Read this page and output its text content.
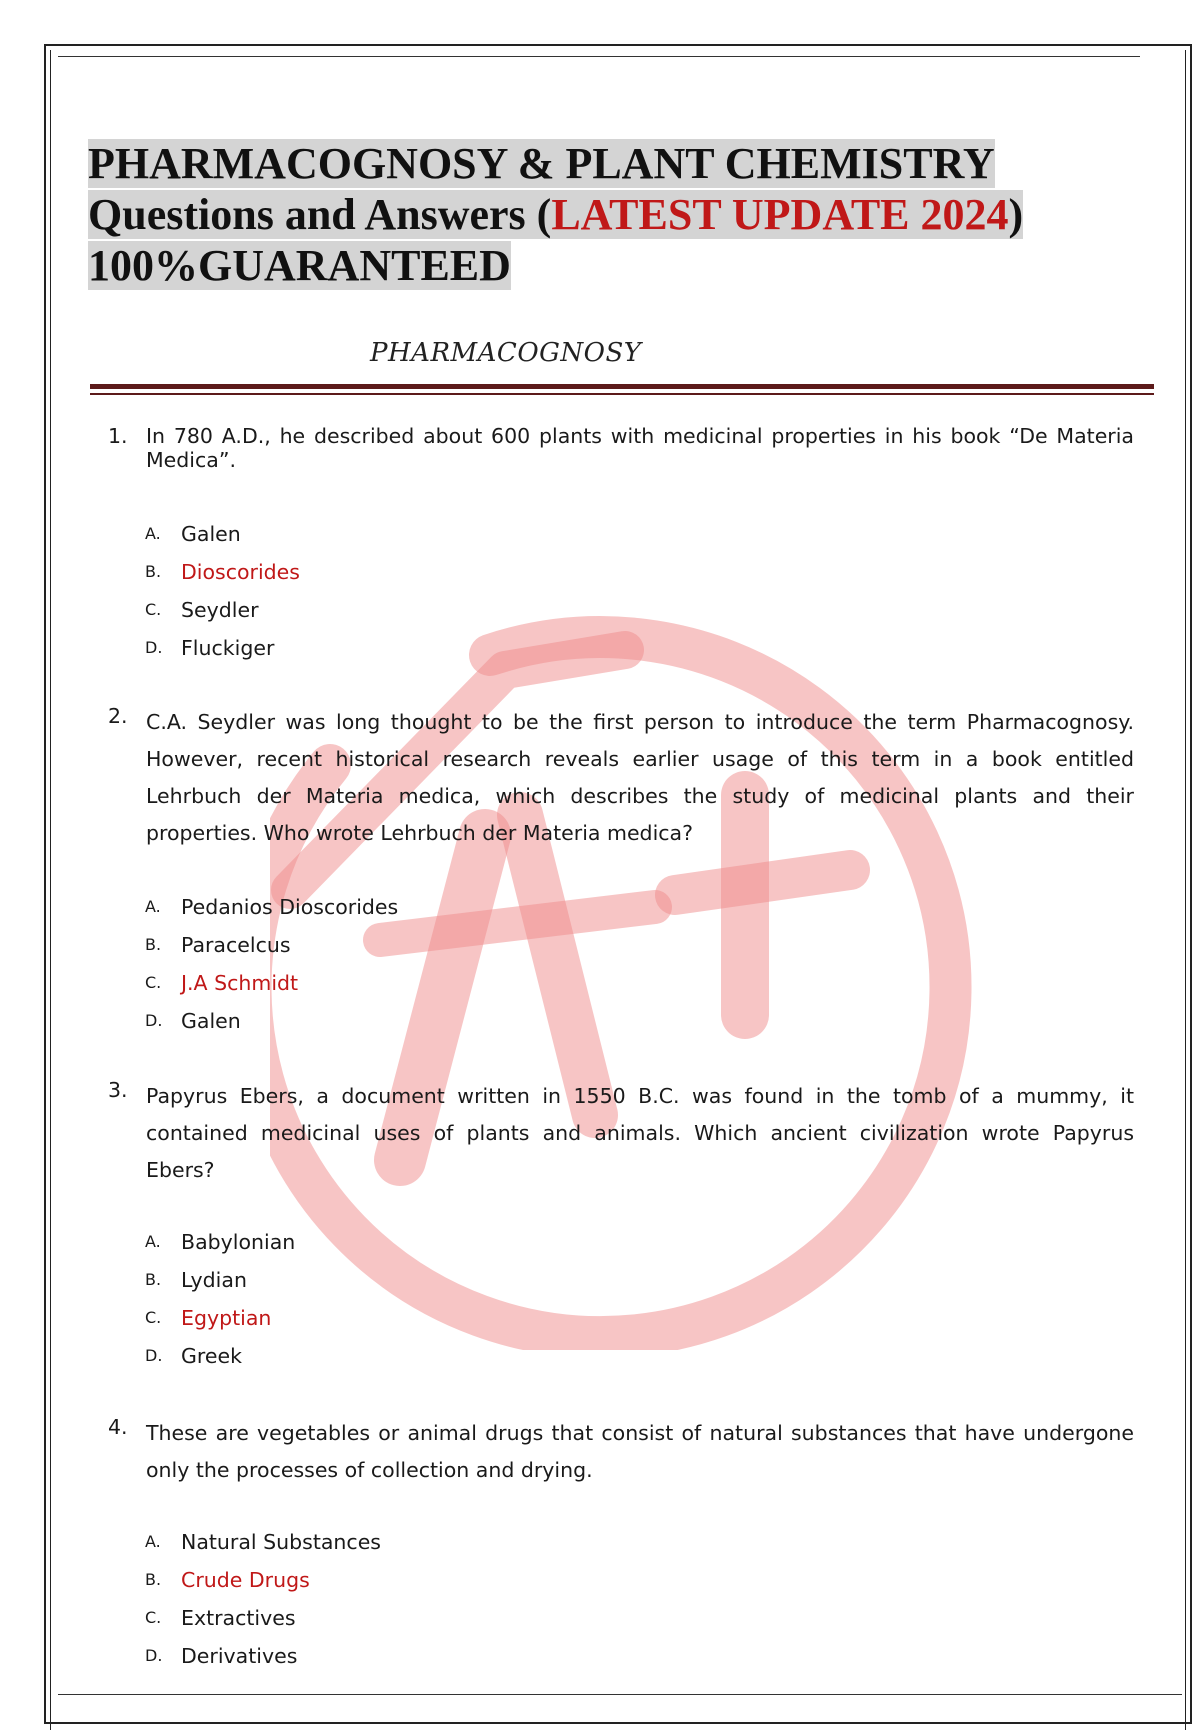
PHARMACOGNOSY & PLANT CHEMISTRY
Questions and Answers (LATEST UPDATE 2024)
100%GUARANTEED
PHARMACOGNOSY
1. In 780 A.D., he described about 600 plants with medicinal properties in his book “De Materia Medica”.
A. Galen
B. Dioscorides
C. Seydler
D. Fluckiger
2. C.A. Seydler was long thought to be the first person to introduce the term Pharmacognosy. However, recent historical research reveals earlier usage of this term in a book entitled Lehrbuch der Materia medica, which describes the study of medicinal plants and their properties. Who wrote Lehrbuch der Materia medica?
A. Pedanios Dioscorides
B. Paracelcus
C. J.A Schmidt
D. Galen
3. Papyrus Ebers, a document written in 1550 B.C. was found in the tomb of a mummy, it contained medicinal uses of plants and animals. Which ancient civilization wrote Papyrus Ebers?
A. Babylonian
B. Lydian
C. Egyptian
D. Greek
4. These are vegetables or animal drugs that consist of natural substances that have undergone only the processes of collection and drying.
A. Natural Substances
B. Crude Drugs
C. Extractives
D. Derivatives
